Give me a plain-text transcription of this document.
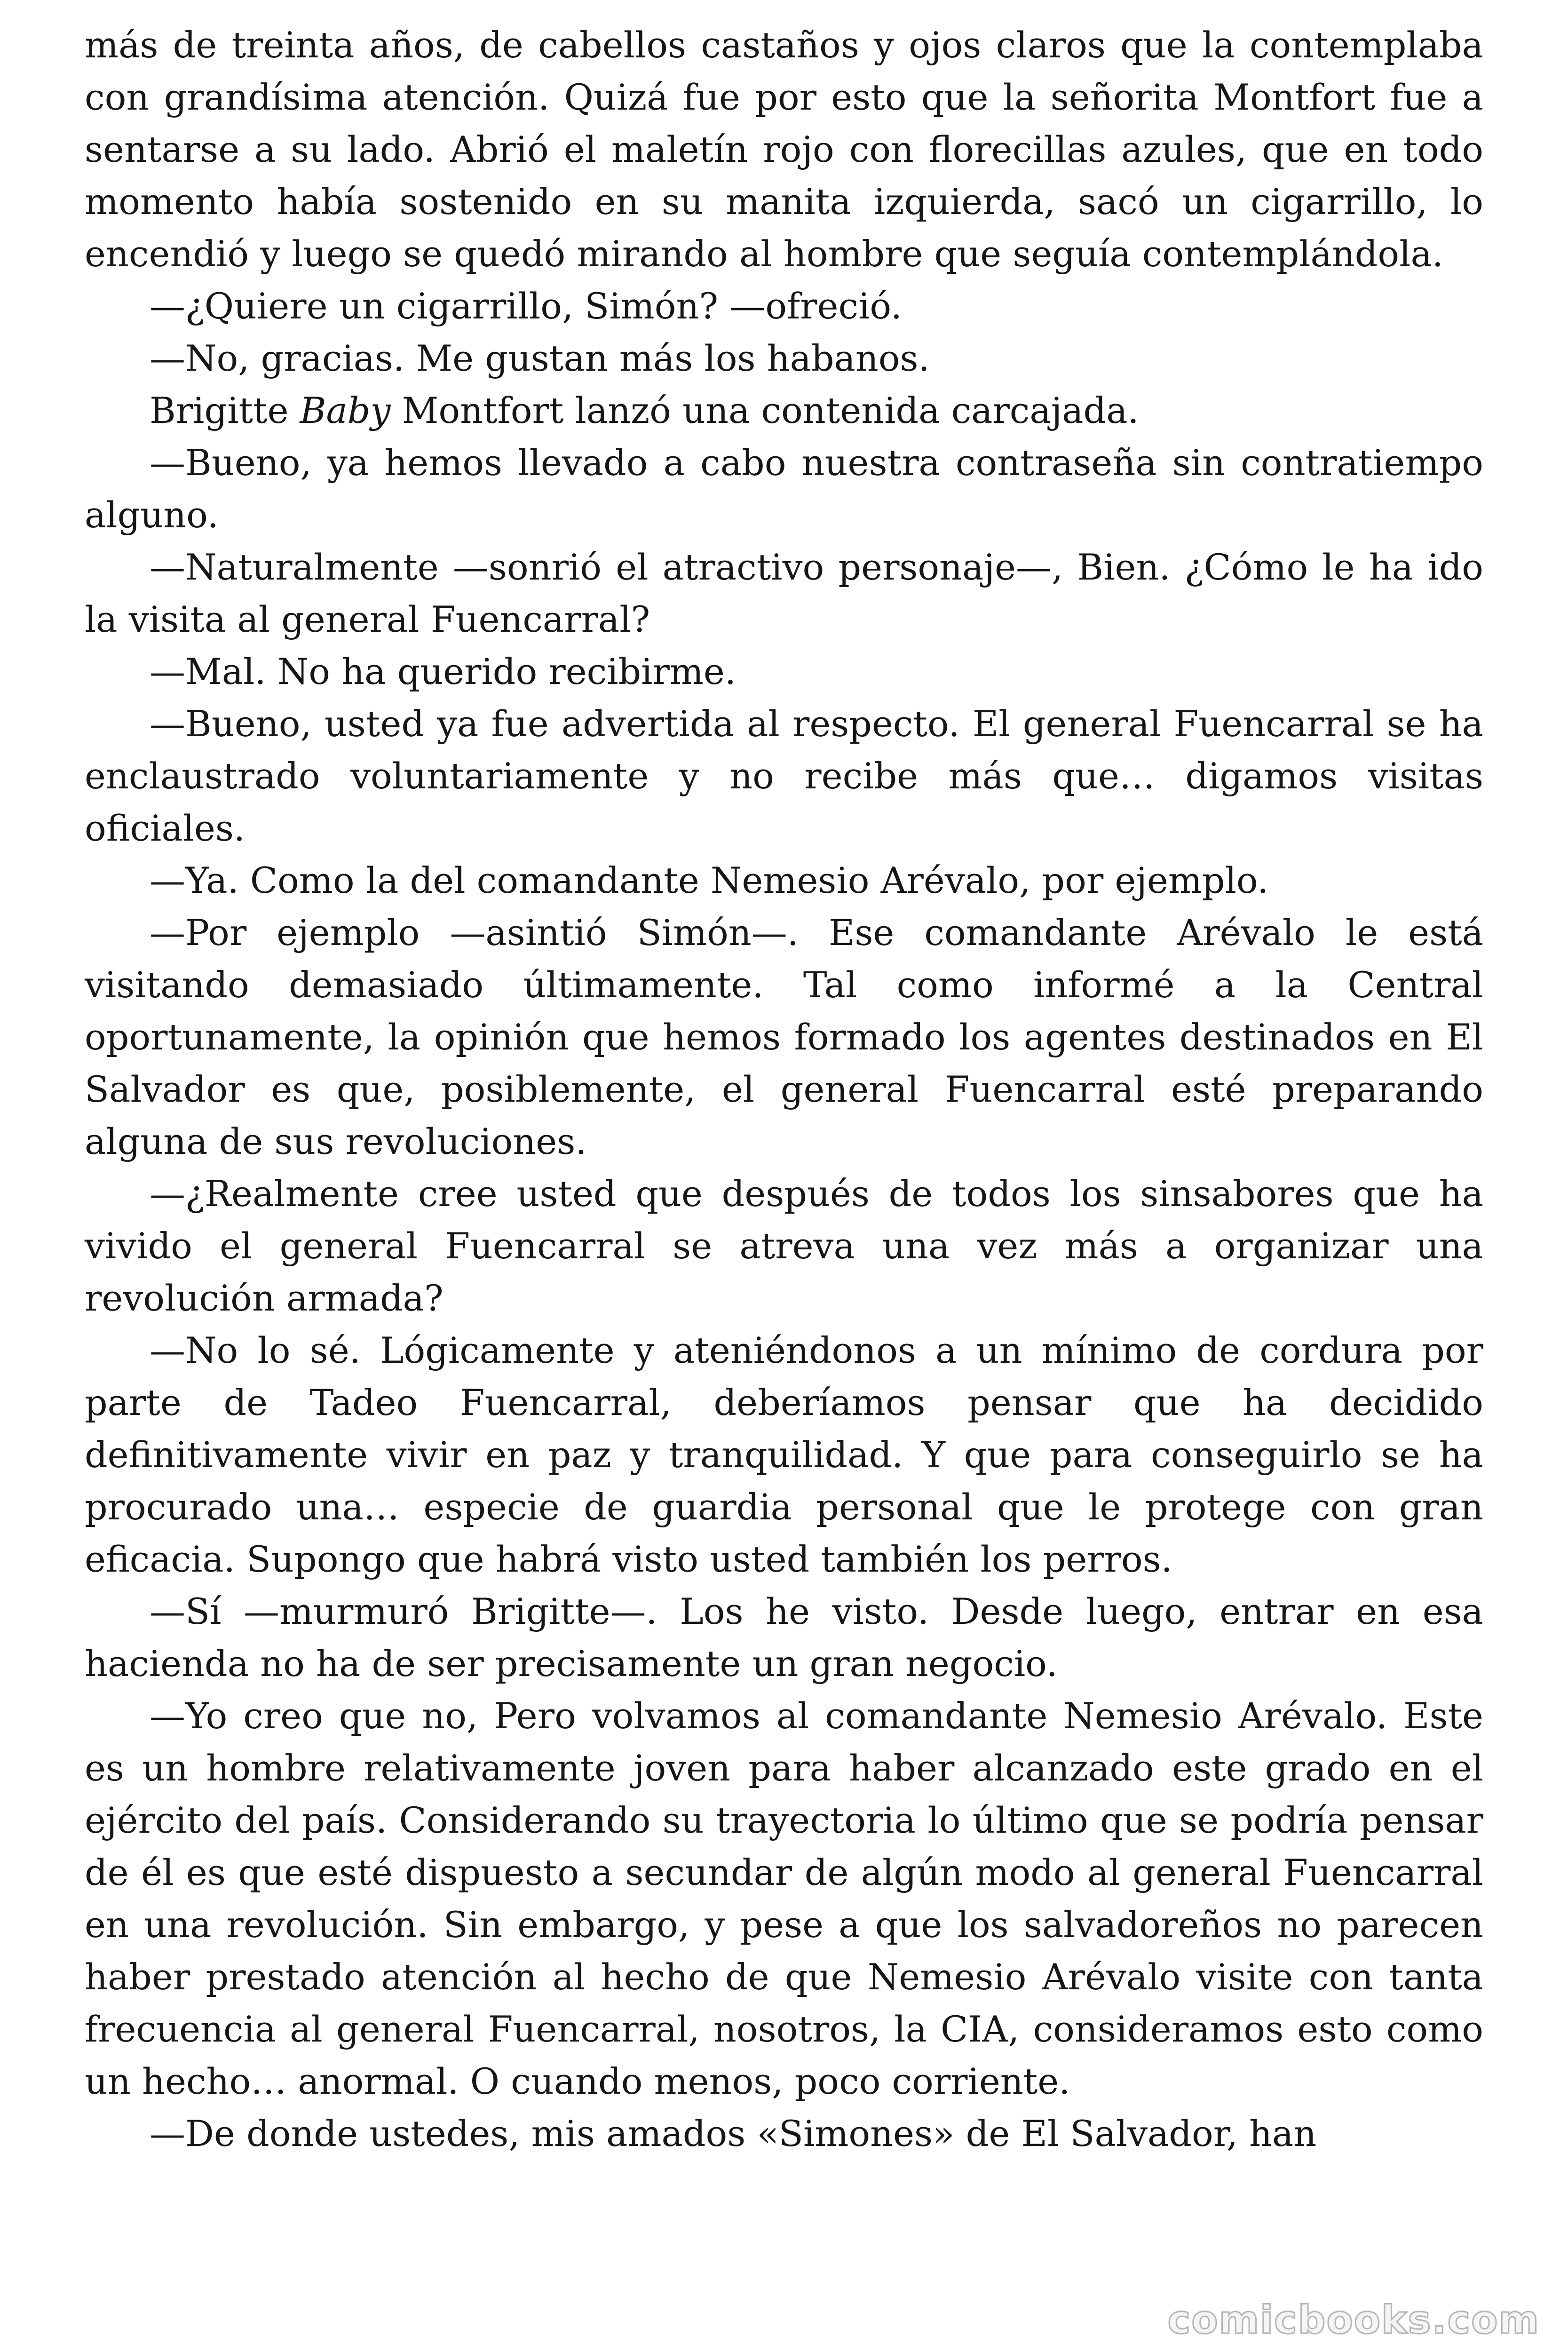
más de treinta años, de cabellos castaños y ojos claros que la contemplaba con grandísima atención. Quizá fue por esto que la señorita Montfort fue a sentarse a su lado. Abrió el maletín rojo con florecillas azules, que en todo momento había sostenido en su manita izquierda, sacó un cigarrillo, lo encendió y luego se quedó mirando al hombre que seguía contemplándola.

—¿Quiere un cigarrillo, Simón? —ofreció.

—No, gracias. Me gustan más los habanos.

Brigitte Baby Montfort lanzó una contenida carcajada.

—Bueno, ya hemos llevado a cabo nuestra contraseña sin contratiempo alguno.

—Naturalmente —sonrió el atractivo personaje—, Bien. ¿Cómo le ha ido la visita al general Fuencarral?

—Mal. No ha querido recibirme.

—Bueno, usted ya fue advertida al respecto. El general Fuencarral se ha enclaustrado voluntariamente y no recibe más que… digamos visitas oficiales.

—Ya. Como la del comandante Nemesio Arévalo, por ejemplo.

—Por ejemplo —asintió Simón—. Ese comandante Arévalo le está visitando demasiado últimamente. Tal como informé a la Central oportunamente, la opinión que hemos formado los agentes destinados en El Salvador es que, posiblemente, el general Fuencarral esté preparando alguna de sus revoluciones.

—¿Realmente cree usted que después de todos los sinsabores que ha vivido el general Fuencarral se atreva una vez más a organizar una revolución armada?

—No lo sé. Lógicamente y ateniéndonos a un mínimo de cordura por parte de Tadeo Fuencarral, deberíamos pensar que ha decidido definitivamente vivir en paz y tranquilidad. Y que para conseguirlo se ha procurado una… especie de guardia personal que le protege con gran eficacia. Supongo que habrá visto usted también los perros.

—Sí —murmuró Brigitte—. Los he visto. Desde luego, entrar en esa hacienda no ha de ser precisamente un gran negocio.

—Yo creo que no, Pero volvamos al comandante Nemesio Arévalo. Este es un hombre relativamente joven para haber alcanzado este grado en el ejército del país. Considerando su trayectoria lo último que se podría pensar de él es que esté dispuesto a secundar de algún modo al general Fuencarral en una revolución. Sin embargo, y pese a que los salvadoreños no parecen haber prestado atención al hecho de que Nemesio Arévalo visite con tanta frecuencia al general Fuencarral, nosotros, la CIA, consideramos esto como un hecho… anormal. O cuando menos, poco corriente.

—De donde ustedes, mis amados «Simones» de El Salvador, han

comicbooks.com
